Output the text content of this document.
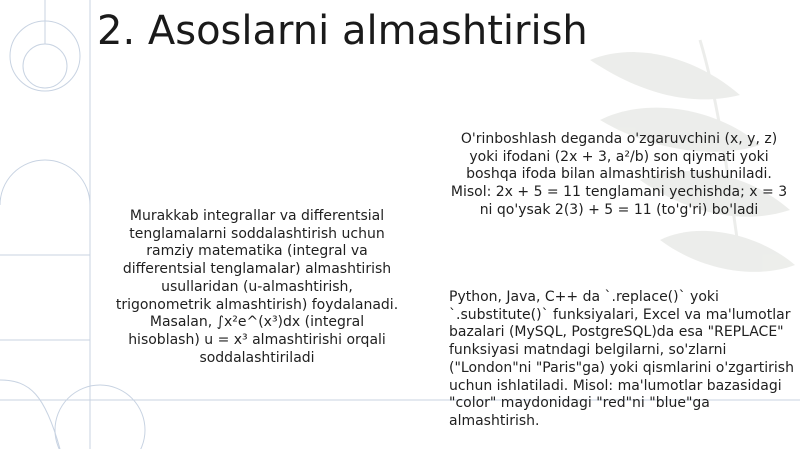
2. Asoslarni almashtirish
Murakkab integrallar va differentsial tenglamalarni soddalashtirish uchun ramziy matematika (integral va differentsial tenglamalar) almashtirish usullaridan (u-almashtirish, trigonometrik almashtirish) foydalanadi. Masalan, ∫x²e^(x³)dx (integral hisoblash) u = x³ almashtirishi orqali soddalashtiriladi
O'rinboshlash deganda o'zgaruvchini (x, y, z) yoki ifodani (2x + 3, a²/b) son qiymati yoki boshqa ifoda bilan almashtirish tushuniladi. Misol: 2x + 5 = 11 tenglamani yechishda; x = 3 ni qo'ysak 2(3) + 5 = 11 (to'g'ri) bo'ladi
Python, Java, C++ da `.replace()` yoki `.substitute()` funksiyalari, Excel va ma'lumotlar bazalari (MySQL, PostgreSQL)da esa "REPLACE" funksiyasi matndagi belgilarni, so'zlarni ("London"ni "Paris"ga) yoki qismlarini o'zgartirish uchun ishlatiladi. Misol: ma'lumotlar bazasidagi "color" maydonidagi "red"ni "blue"ga almashtirish.
